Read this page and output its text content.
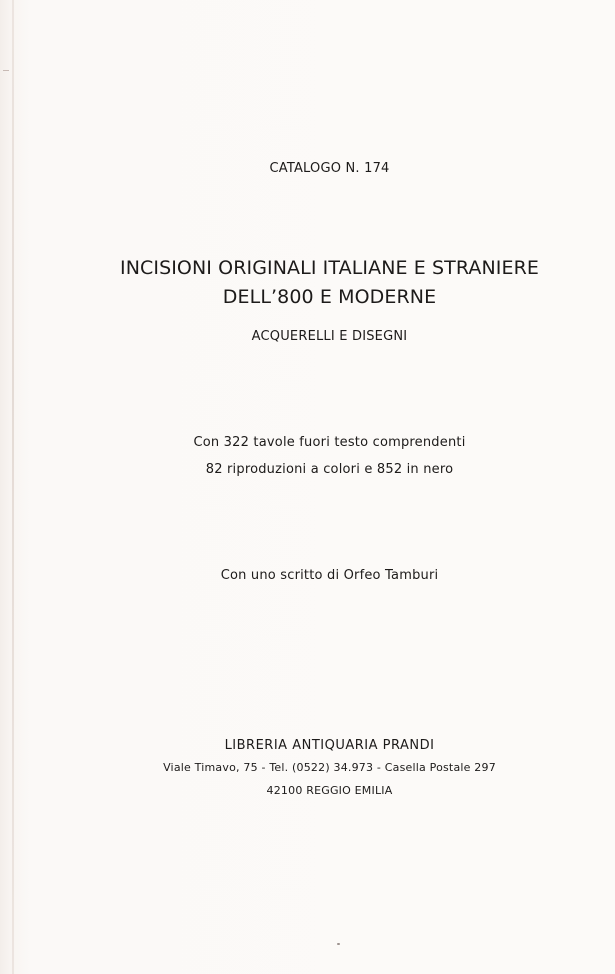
CATALOGO N. 174
INCISIONI ORIGINALI ITALIANE E STRANIERE
DELL’800 E MODERNE
ACQUERELLI E DISEGNI
Con 322 tavole fuori testo comprendenti
82 riproduzioni a colori e 852 in nero
Con uno scritto di Orfeo Tamburi
LIBRERIA ANTIQUARIA PRANDI
Viale Timavo, 75 - Tel. (0522) 34.973 - Casella Postale 297
42100 REGGIO EMILIA
